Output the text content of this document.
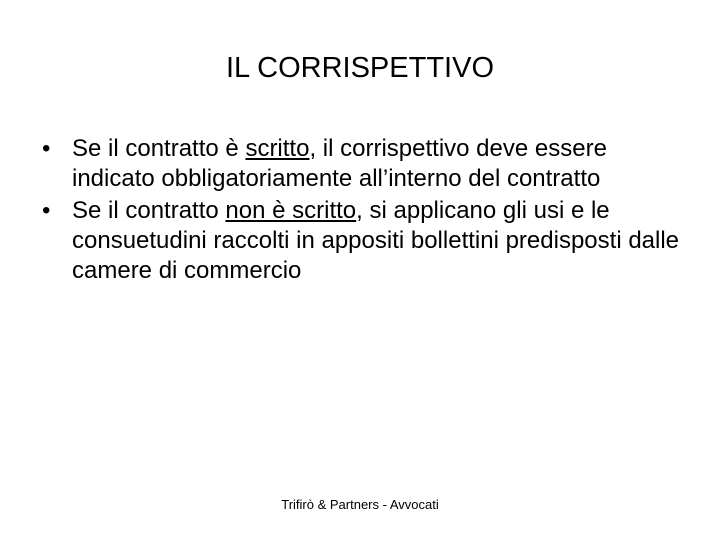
IL CORRISPETTIVO
• Se il contratto è scritto, il corrispettivo deve essere indicato obbligatoriamente all’interno del contratto
• Se il contratto non è scritto, si applicano gli usi e le consuetudini raccolti in appositi bollettini predisposti dalle camere di commercio
Trifirò & Partners - Avvocati
